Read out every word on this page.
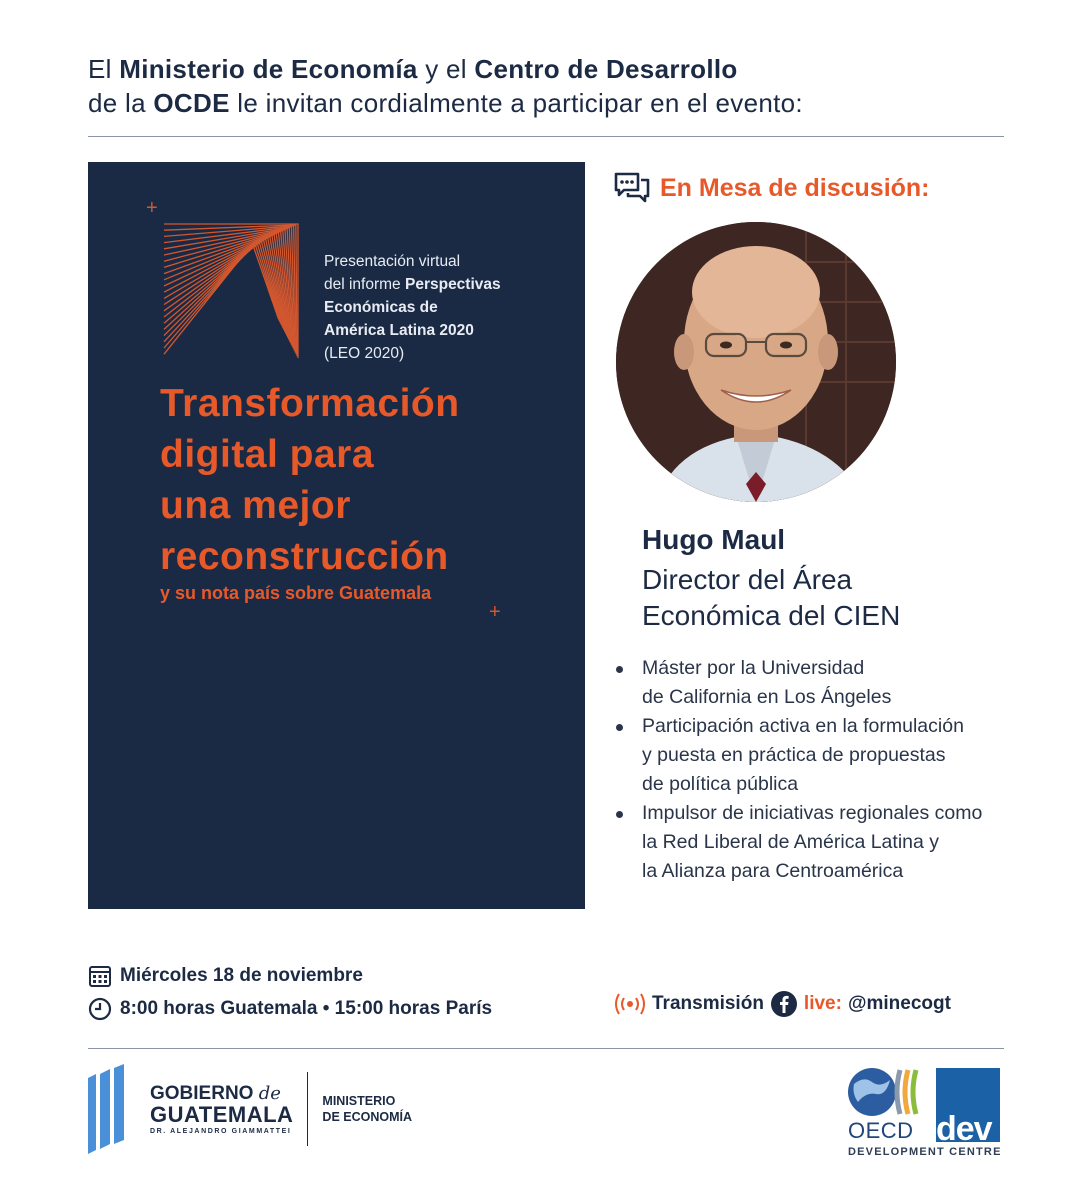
El Ministerio de Economía y el Centro de Desarrollo
de la OCDE le invitan cordialmente a participar en el evento:
+
+
Presentación virtual
del informe Perspectivas
Económicas de
América Latina 2020
(LEO 2020)
Transformación
digital para
una mejor
reconstrucción
y su nota país sobre Guatemala
En Mesa de discusión:
Hugo Maul
Director del Área
Económica del CIEN
Máster por la Universidad
de California en Los Ángeles
Participación activa en la formulación
y puesta en práctica de propuestas
de política pública
Impulsor de iniciativas regionales como
la Red Liberal de América Latina y
la Alianza para Centroamérica
Miércoles 18 de noviembre
8:00 horas Guatemala • 15:00 horas París	Transmisión live: @minecogt
GOBIERNO de
GUATEMALA
DR. ALEJANDRO GIAMMATTEI
MINISTERIO
DE ECONOMÍA
OECD dev
DEVELOPMENT CENTRE
